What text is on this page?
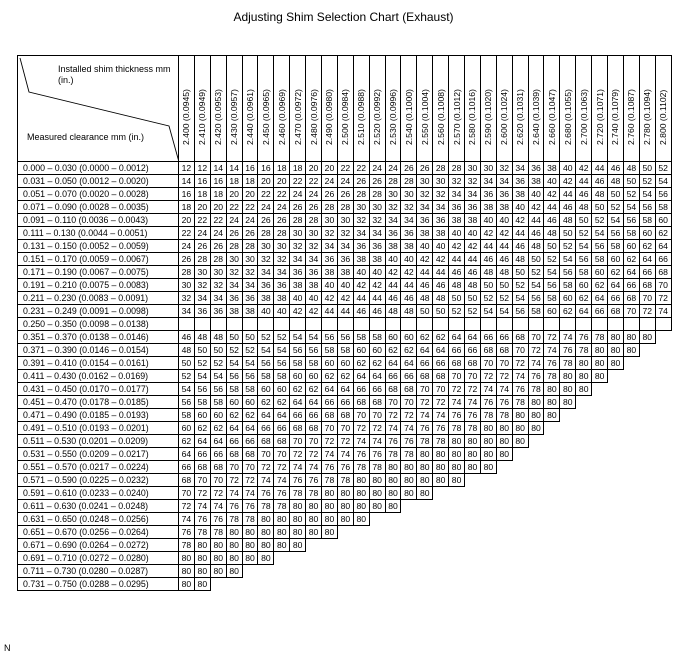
Adjusting Shim Selection Chart (Exhaust)
Installed shim thickness mm (in.)
Measured clearance mm (in.)	2.400 (0.0945)	2.410 (0.0949)	2.420 (0.0953)	2.430 (0.0957)	2.440 (0.0961)	2.450 (0.0965)	2.460 (0.0969)	2.470 (0.0972)	2.480 (0.0976)	2.490 (0.0980)	2.500 (0.0984)	2.510 (0.0988)	2.520 (0.0992)	2.530 (0.0996)	2.540 (0.1000)	2.550 (0.1004)	2.560 (0.1008)	2.570 (0.1012)	2.580 (0.1016)	2.590 (0.1020)	2.600 (0.1024)	2.620 (0.1031)	2.640 (0.1039)	2.660 (0.1047)	2.680 (0.1055)	2.700 (0.1063)	2.720 (0.1071)	2.740 (0.1079)	2.760 (0.1087)	2.780 (0.1094)	2.800 (0.1102)

0.000 – 0.030 (0.0000 – 0.0012)	12	12	14	14	16	16	18	18	20	20	22	22	24	24	26	26	28	28	30	30	32	34	36	38	40	42	44	46	48	50	52
0.031 – 0.050 (0.0012 – 0.0020)	14	16	16	18	18	20	20	22	22	24	24	26	26	28	28	30	30	32	32	34	34	36	38	40	42	44	46	48	50	52	54
0.051 – 0.070 (0.0020 – 0.0028)	16	18	18	20	20	22	22	24	24	26	26	28	28	30	30	32	32	34	34	36	36	38	40	42	44	46	48	50	52	54	56
0.071 – 0.090 (0.0028 – 0.0035)	18	20	20	22	22	24	24	26	26	28	28	30	30	32	32	34	34	36	36	38	38	40	42	44	46	48	50	52	54	56	58
0.091 – 0.110 (0.0036 – 0.0043)	20	22	22	24	24	26	26	28	28	30	30	32	32	34	34	36	36	38	38	40	40	42	44	46	48	50	52	54	56	58	60
0.111 – 0.130 (0.0044 – 0.0051)	22	24	24	26	26	28	28	30	30	32	32	34	34	36	36	38	38	40	40	42	42	44	46	48	50	52	54	56	58	60	62
0.131 – 0.150 (0.0052 – 0.0059)	24	26	26	28	28	30	30	32	32	34	34	36	36	38	38	40	40	42	42	44	44	46	48	50	52	54	56	58	60	62	64
0.151 – 0.170 (0.0059 – 0.0067)	26	28	28	30	30	32	32	34	34	36	36	38	38	40	40	42	42	44	44	46	46	48	50	52	54	56	58	60	62	64	66
0.171 – 0.190 (0.0067 – 0.0075)	28	30	30	32	32	34	34	36	36	38	38	40	40	42	42	44	44	46	46	48	48	50	52	54	56	58	60	62	64	66	68
0.191 – 0.210 (0.0075 – 0.0083)	30	32	32	34	34	36	36	38	38	40	40	42	42	44	44	46	46	48	48	50	50	52	54	56	58	60	62	64	66	68	70
0.211 – 0.230 (0.0083 – 0.0091)	32	34	34	36	36	38	38	40	40	42	42	44	44	46	46	48	48	50	50	52	52	54	56	58	60	62	64	66	68	70	72
0.231 – 0.249 (0.0091 – 0.0098)	34	36	36	38	38	40	40	42	42	44	44	46	46	48	48	50	50	52	52	54	54	56	58	60	62	64	66	68	70	72	74
0.250 – 0.350 (0.0098 – 0.0138)																															
0.351 – 0.370 (0.0138 – 0.0146)	46	48	48	50	50	52	52	54	54	56	56	58	58	60	60	62	62	64	64	66	66	68	70	72	74	76	78	80	80	80	
0.371 – 0.390 (0.0146 – 0.0154)	48	50	50	52	52	54	54	56	56	58	58	60	60	62	62	64	64	66	66	68	68	70	72	74	76	78	80	80	80		
0.391 – 0.410 (0.0154 – 0.0161)	50	52	52	54	54	56	56	58	58	60	60	62	62	64	64	66	66	68	68	70	70	72	74	76	78	80	80	80			
0.411 – 0.430 (0.0162 – 0.0169)	52	54	54	56	56	58	58	60	60	62	62	64	64	66	66	68	68	70	70	72	72	74	76	78	80	80	80				
0.431 – 0.450 (0.0170 – 0.0177)	54	56	56	58	58	60	60	62	62	64	64	66	66	68	68	70	70	72	72	74	74	76	78	80	80	80					
0.451 – 0.470 (0.0178 – 0.0185)	56	58	58	60	60	62	62	64	64	66	66	68	68	70	70	72	72	74	74	76	76	78	80	80	80						
0.471 – 0.490 (0.0185 – 0.0193)	58	60	60	62	62	64	64	66	66	68	68	70	70	72	72	74	74	76	76	78	78	80	80	80							
0.491 – 0.510 (0.0193 – 0.0201)	60	62	62	64	64	66	66	68	68	70	70	72	72	74	74	76	76	78	78	80	80	80	80								
0.511 – 0.530 (0.0201 – 0.0209)	62	64	64	66	66	68	68	70	70	72	72	74	74	76	76	78	78	80	80	80	80	80									
0.531 – 0.550 (0.0209 – 0.0217)	64	66	66	68	68	70	70	72	72	74	74	76	76	78	78	80	80	80	80	80	80										
0.551 – 0.570 (0.0217 – 0.0224)	66	68	68	70	70	72	72	74	74	76	76	78	78	80	80	80	80	80	80	80											
0.571 – 0.590 (0.0225 – 0.0232)	68	70	70	72	72	74	74	76	76	78	78	80	80	80	80	80	80	80													
0.591 – 0.610 (0.0233 – 0.0240)	70	72	72	74	74	76	76	78	78	80	80	80	80	80	80	80															
0.611 – 0.630 (0.0241 – 0.0248)	72	74	74	76	76	78	78	80	80	80	80	80	80	80																	
0.631 – 0.650 (0.0248 – 0.0256)	74	76	76	78	78	80	80	80	80	80	80	80																			
0.651 – 0.670 (0.0256 – 0.0264)	76	78	78	80	80	80	80	80	80	80																					
0.671 – 0.690 (0.0264 – 0.0272)	78	80	80	80	80	80	80	80																							
0.691 – 0.710 (0.0272 – 0.0280)	80	80	80	80	80	80																									
0.711 – 0.730 (0.0280 – 0.0287)	80	80	80	80																											
0.731 – 0.750 (0.0288 – 0.0295)	80	80																													
N
